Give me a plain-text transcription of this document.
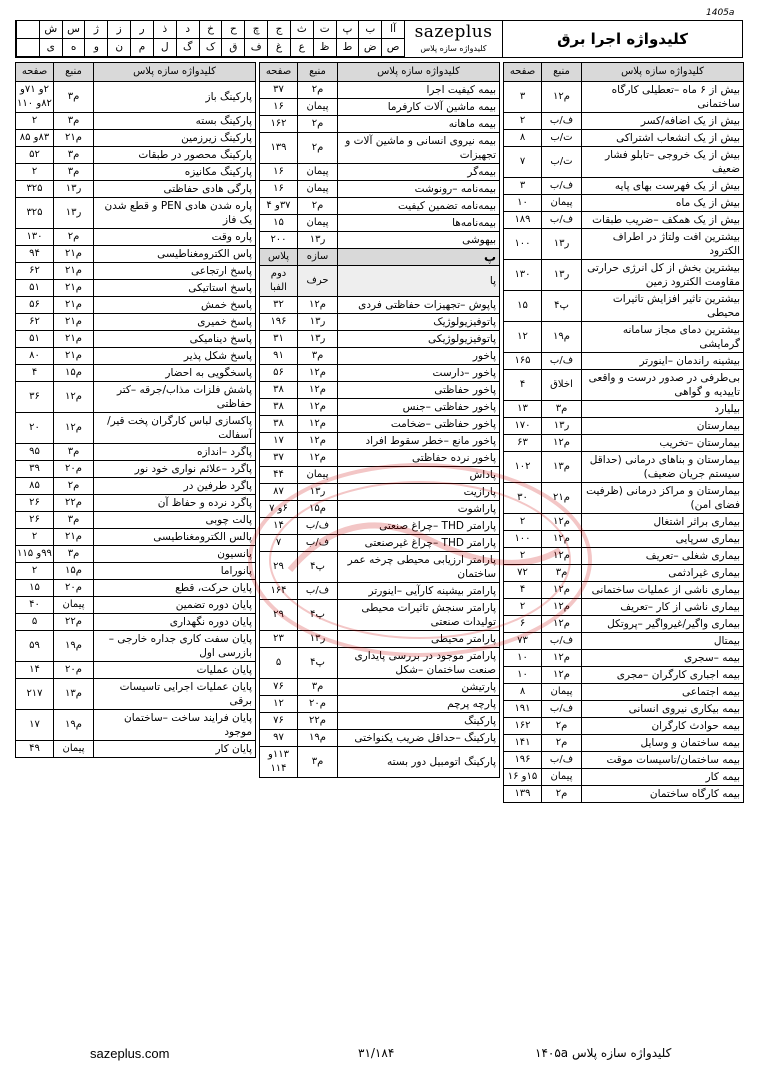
1405a
آا
ب
پ
ت
ث
ج
چ
ح
خ
د
ذ
ر
ز
ژ
س
ش
ص
ض
ط
ظ
ع
غ
ف
ق
ک
گ
ل
م
ن
و
ه
ی
sazeplus
کلیدواژه سازه پلاس
کلیدواژه اجرا برق
کلیدواژه سازه پلاس	منبع	صفحه
بیش از ۶ ماه –تعطیلی کارگاه ساختمانی	م۱۲	۳
بیش از یک اضافه/کسر	ف/ب	۲
بیش از یک انشعاب اشتراکی	ت/ب	۸
بیش از یک خروجی –تابلو فشار ضعیف	ت/ب	۷
بیش از یک فهرست بهای پایه	ف/ب	۳
بیش از یک ماه	پیمان	۱۰
بیش از یک همکف –ضریب طبقات	ف/ب	۱۸۹
بیشترین افت ولتاژ در اطراف الکترود	ر۱۳	۱۰۰
بیشترین بخش از کل انرژی حرارتی مقاومت الکترود زمین	ر۱۳	۱۳۰
بیشترین تاثیر افزایش تاثیرات محیطی	پ۴	۱۵
بیشترین دمای مجاز سامانه گرمایشی	م۱۹	۱۲
بیشینه راندمان –اینورتر	ف/ب	۱۶۵
بی‌طرفی در صدور درست و واقعی تاییدیه و گواهی	اخلاق	۴
بیلیارد	م۳	۱۳
بیمارستان	ر۱۳	۱۷۰
بیمارستان –تخریب	م۱۲	۶۳
بیمارستان و بناهای درمانی (حداقل سیستم جریان ضعیف)	م۱۳	۱۰۲
بیمارستان و مراکز درمانی (ظرفیت فضای امن)	م۲۱	۳۰
بیماری براثر اشتغال	م۱۲	۲
بیماری سرپایی	م۱۲	۱۰۰
بیماری شغلی –تعریف	م۱۲	۲
بیماری غیرادثمی	م۳	۷۲
بیماری ناشی از عملیات ساختمانی	م۱۲	۴
بیماری ناشی از کار –تعریف	م۱۲	۲
بیماری واگیر/غیرواگیر –پروتکل	م۱۲	۶
بیمتال	ف/ب	۷۳
بیمه –سجری	م۱۲	۱۰
بیمه اجباری کارگران –مجری	م۱۲	۱۰
بیمه اجتماعی	پیمان	۸
بیمه بیکاری نیروی انسانی	ف/ب	۱۹۱
بیمه حوادث کارگران	م۲	۱۶۲
بیمه ساختمان و وسایل	م۲	۱۴۱
بیمه ساختمان/تاسیسات موقت	ف/ب	۱۹۶
بیمه کار	پیمان	۱۵و ۱۶
بیمه کارگاه ساختمان	م۲	۱۳۹
کلیدواژه سازه پلاس	منبع	صفحه
بیمه کیفیت اجرا	م۲	۳۷
بیمه ماشین آلات کارفرما	پیمان	۱۶
بیمه ماهانه	م۲	۱۶۲
بیمه نیروی انسانی و ماشین آلات و تجهیزات	م۲	۱۳۹
بیمه‌گر	پیمان	۱۶
بیمه‌نامه –رونوشت	پیمان	۱۶
بیمه‌نامه تضمین کیفیت	م۲	۳۷و ۴
بیمه‌نامه‌ها	پیمان	۱۵
بیهوشی	ر۱۳	۲۰۰
پ	سازه	پلاس
پا	حرف	دوم الفبا
پاپوش –تجهیزات حفاظتی فردی	م۱۲	۳۲
پاتوفیزیولوژیک	ر۱۳	۱۹۶
پاتوفیزیولوژیکی	ر۱۳	۳۱
پاخور	م۳	۹۱
پاخور –دارست	م۱۲	۵۶
پاخور حفاظتی	م۱۲	۳۸
پاخور حفاظتی –جنس	م۱۲	۳۸
پاخور حفاظتی –ضخامت	م۱۲	۳۸
پاخور مانع –خطر سقوط افراد	م۱۲	۱۷
پاخور نرده حفاظتی	م۱۲	۳۷
پاداش	پیمان	۴۴
پارازیت	ر۱۳	۸۷
پاراشوت	م۱۵	۶و ۷
پارامتر THD –چراغ صنعتی	ف/ب	۱۴
پارامتر THD –چراغ غیرصنعتی	ف/ب	۷
پارامتر ارزیابی محیطی چرخه عمر ساختمان	پ۴	۲۹
پارامتر بیشینه کارآیی –اینورتر	ف/ب	۱۶۴
پارامتر سنجش تاثیرات محیطی تولیدات صنعتی	پ۴	۲۹
پارامتر محیطی	ر۱۳	۲۳
پارامتر موجود در بررسی پایداری صنعت ساختمان –شکل	پ۴	۵
پارتیشن	م۳	۷۶
پارچه پرچم	م۲۰	۱۲
پارکینگ	م۲۲	۷۶
پارکینگ –حداقل ضریب یکنواختی	م۱۹	۹۷
پارکینگ اتومبیل دور بسته	م۳	۱۱۳و ۱۱۴
کلیدواژه سازه پلاس	منبع	صفحه
پارکینگ باز	م۳	۲و ۷۱و ۸۲و ۱۱۰
پارکینگ بسته	م۳	۲
پارکینگ زیرزمین	م۲۱	۸۳و ۸۵
پارکینگ محصور در طبقات	م۳	۵۲
پارکینگ مکانیزه	م۳	۲
پارگی هادی حفاظتی	ر۱۳	۳۲۵
پاره شدن هادی PEN و قطع شدن یک فاز	ر۱۳	۳۲۵
پاره وقت	م۲	۱۳۰
پاس الکترومغناطیسی	م۲۱	۹۴
پاسخ ارتجاعی	م۲۱	۶۲
پاسخ استاتیکی	م۲۱	۵۱
پاسخ خمش	م۲۱	۵۶
پاسخ خمیری	م۲۱	۶۲
پاسخ دینامیکی	م۲۱	۵۱
پاسخ شکل پذیر	م۲۱	۸۰
پاسخگویی به احضار	م۱۵	۴
پاشش فلزات مذاب/جرقه –کتر حفاظتی	م۱۲	۳۶
پاکسازی لباس کارگران پخت قیر/آسفالت	م۱۲	۲۰
پاگرد –اندازه	م۳	۹۵
پاگرد –علائم نواری خود نور	م۲۰	۳۹
پاگرد طرفین در	م۲	۸۵
پاگرد نرده و حفاظ آن	م۲۲	۲۶
پالت چوبی	م۳	۲۶
پالس الکترومغناطیسی	م۲۱	۲
پانسیون	م۳	۹۹و ۱۱۵
پانوراما	م۱۵	۲
پایان حرکت، قطع	م۲۰	۱۵
پایان دوره تضمین	پیمان	۴۰
پایان دوره نگهداری	م۲۲	۵
پایان سفت کاری جداره خارجی –بازرسی اول	م۱۹	۵۹
پایان عملیات	م۲۰	۱۴
پایان عملیات اجرایی تاسیسات برقی	م۱۳	۲۱۷
پایان فرایند ساخت –ساختمان موجود	م۱۹	۱۷
پایان کار	پیمان	۴۹
sazeplus.com	۳۱/۱۸۴	کلیدواژه سازه پلاس ۱۴۰۵a
